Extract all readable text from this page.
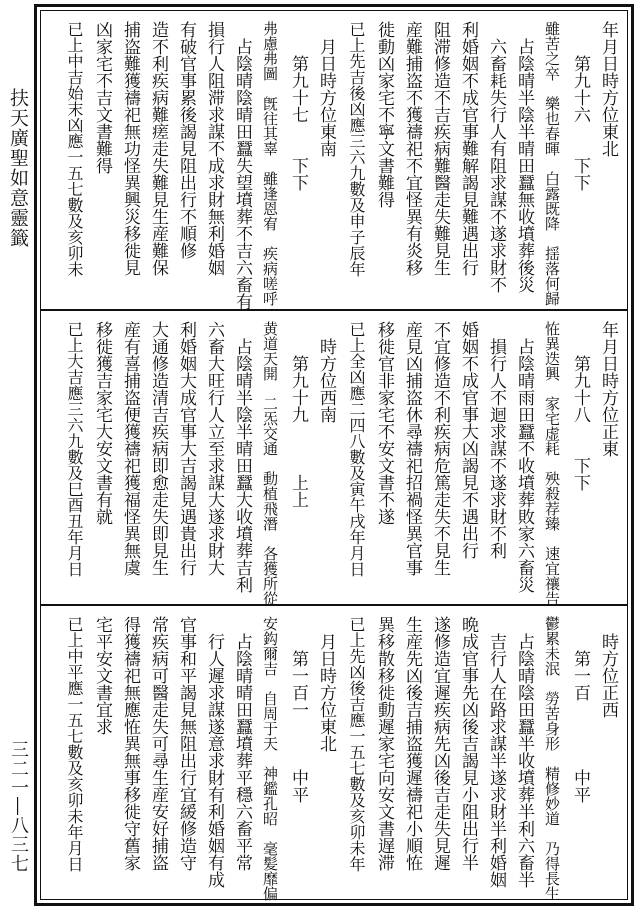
扶天廣聖如意靈籤
三二一―八三七
年月日時方位東北
　　第九十六　　下下
雖苦之卒　樂也春暉　白露既降　揺落何歸
　占陰晴半陰半晴田蠶無收墳葬後災
　六畜耗失行人有阻求謀不遂求財不
利婚姻不成官事難解謁見難遇出行
阻滞修造不吉疾病難醫走失難見生
産難捕盗不獲禱祀不宜怪異有炎移
徙動凶家宅不寧文書難得
已上先吉後凶應三六九數及申子辰年
　月日時方位東南
　　第九十七　　下下
弗慮弗圖　旣往其辜　雖逢恩宥　疾病嗟呼
　占陰晴陰晴田蠶失望墳葬不吉六畜有
損行人阻滞求謀不成求財無利婚姻
有破官事累後謁見阻出行不順修
造不利疾病難瘥走失難見生産難保
捕盗難獲禱祀無功怪異興災移徙見
凶家宅不吉文書難得
已上中吉始末凶應一五七數及亥卯未
年月日時方位正東
　　第九十八　　下下
恠異迭興　家宅虚耗　殃殺荐臻　速宜禳告
　占陰晴雨田蠶不收墳葬敗家六畜災
　損行人不迴求謀不遂求財不利
婚姻不成官事大凶謁見不遇出行
不宜修造不利疾病危篤走失不見生
産見凶捕盗休尋禱祀招禍怪異官事
移徙官非家宅不安文書不遂
已上全凶應二四八數及寅午戌年月日
　時方位西南
　　第九十九　　　上上
黄道天開　二炁交通　動植飛潛　各獲所從
　占陰晴半陰半晴田蠶大收墳葬吉利
六畜大旺行人立至求謀大遂求財大
利婚姻大成官事大吉謁見遇貴出行
大通修造清吉疾病即愈走失即見生
産有喜捕盗便獲禱祀獲福怪異無虞
移徙獲吉家宅大安文書有就
已上大吉應三六九數及巳酉丑年月日
　時方位正西
　　第一百　　　　中平
鬱累未泯　勞苦身形　精修妙道　乃得長生
　占陰晴陰田蠶半收墳葬半利六畜半
　吉行人在路求謀半遂求財半利婚姻
晩成官事先凶後吉謁見小阻出行半
遂修造宜遲疾病先凶後吉走失見遲
生産先凶後吉捕盗獲遲禱祀小順恠
異移散移徙動遲家宅向安文書遅滞
已上先凶後吉應一五七數及亥卯未年
　月日時方位東北
　　第一百一　　　中平
安鈎爾吉　自周于天　神鑑孔昭　毫髪靡偏
　占陰晴晴田蠶墳葬平穩六畜平常
　行人遲求謀遂意求財有利婚姻有成
官事和平謁見無阻出行宜緩修造守
常疾病可醫走失可尋生産安好捕盗
得獲禱祀無應恠異無事移徙守舊家
宅平安文書宜求
已上中平應一五七數及亥卯未年月日
